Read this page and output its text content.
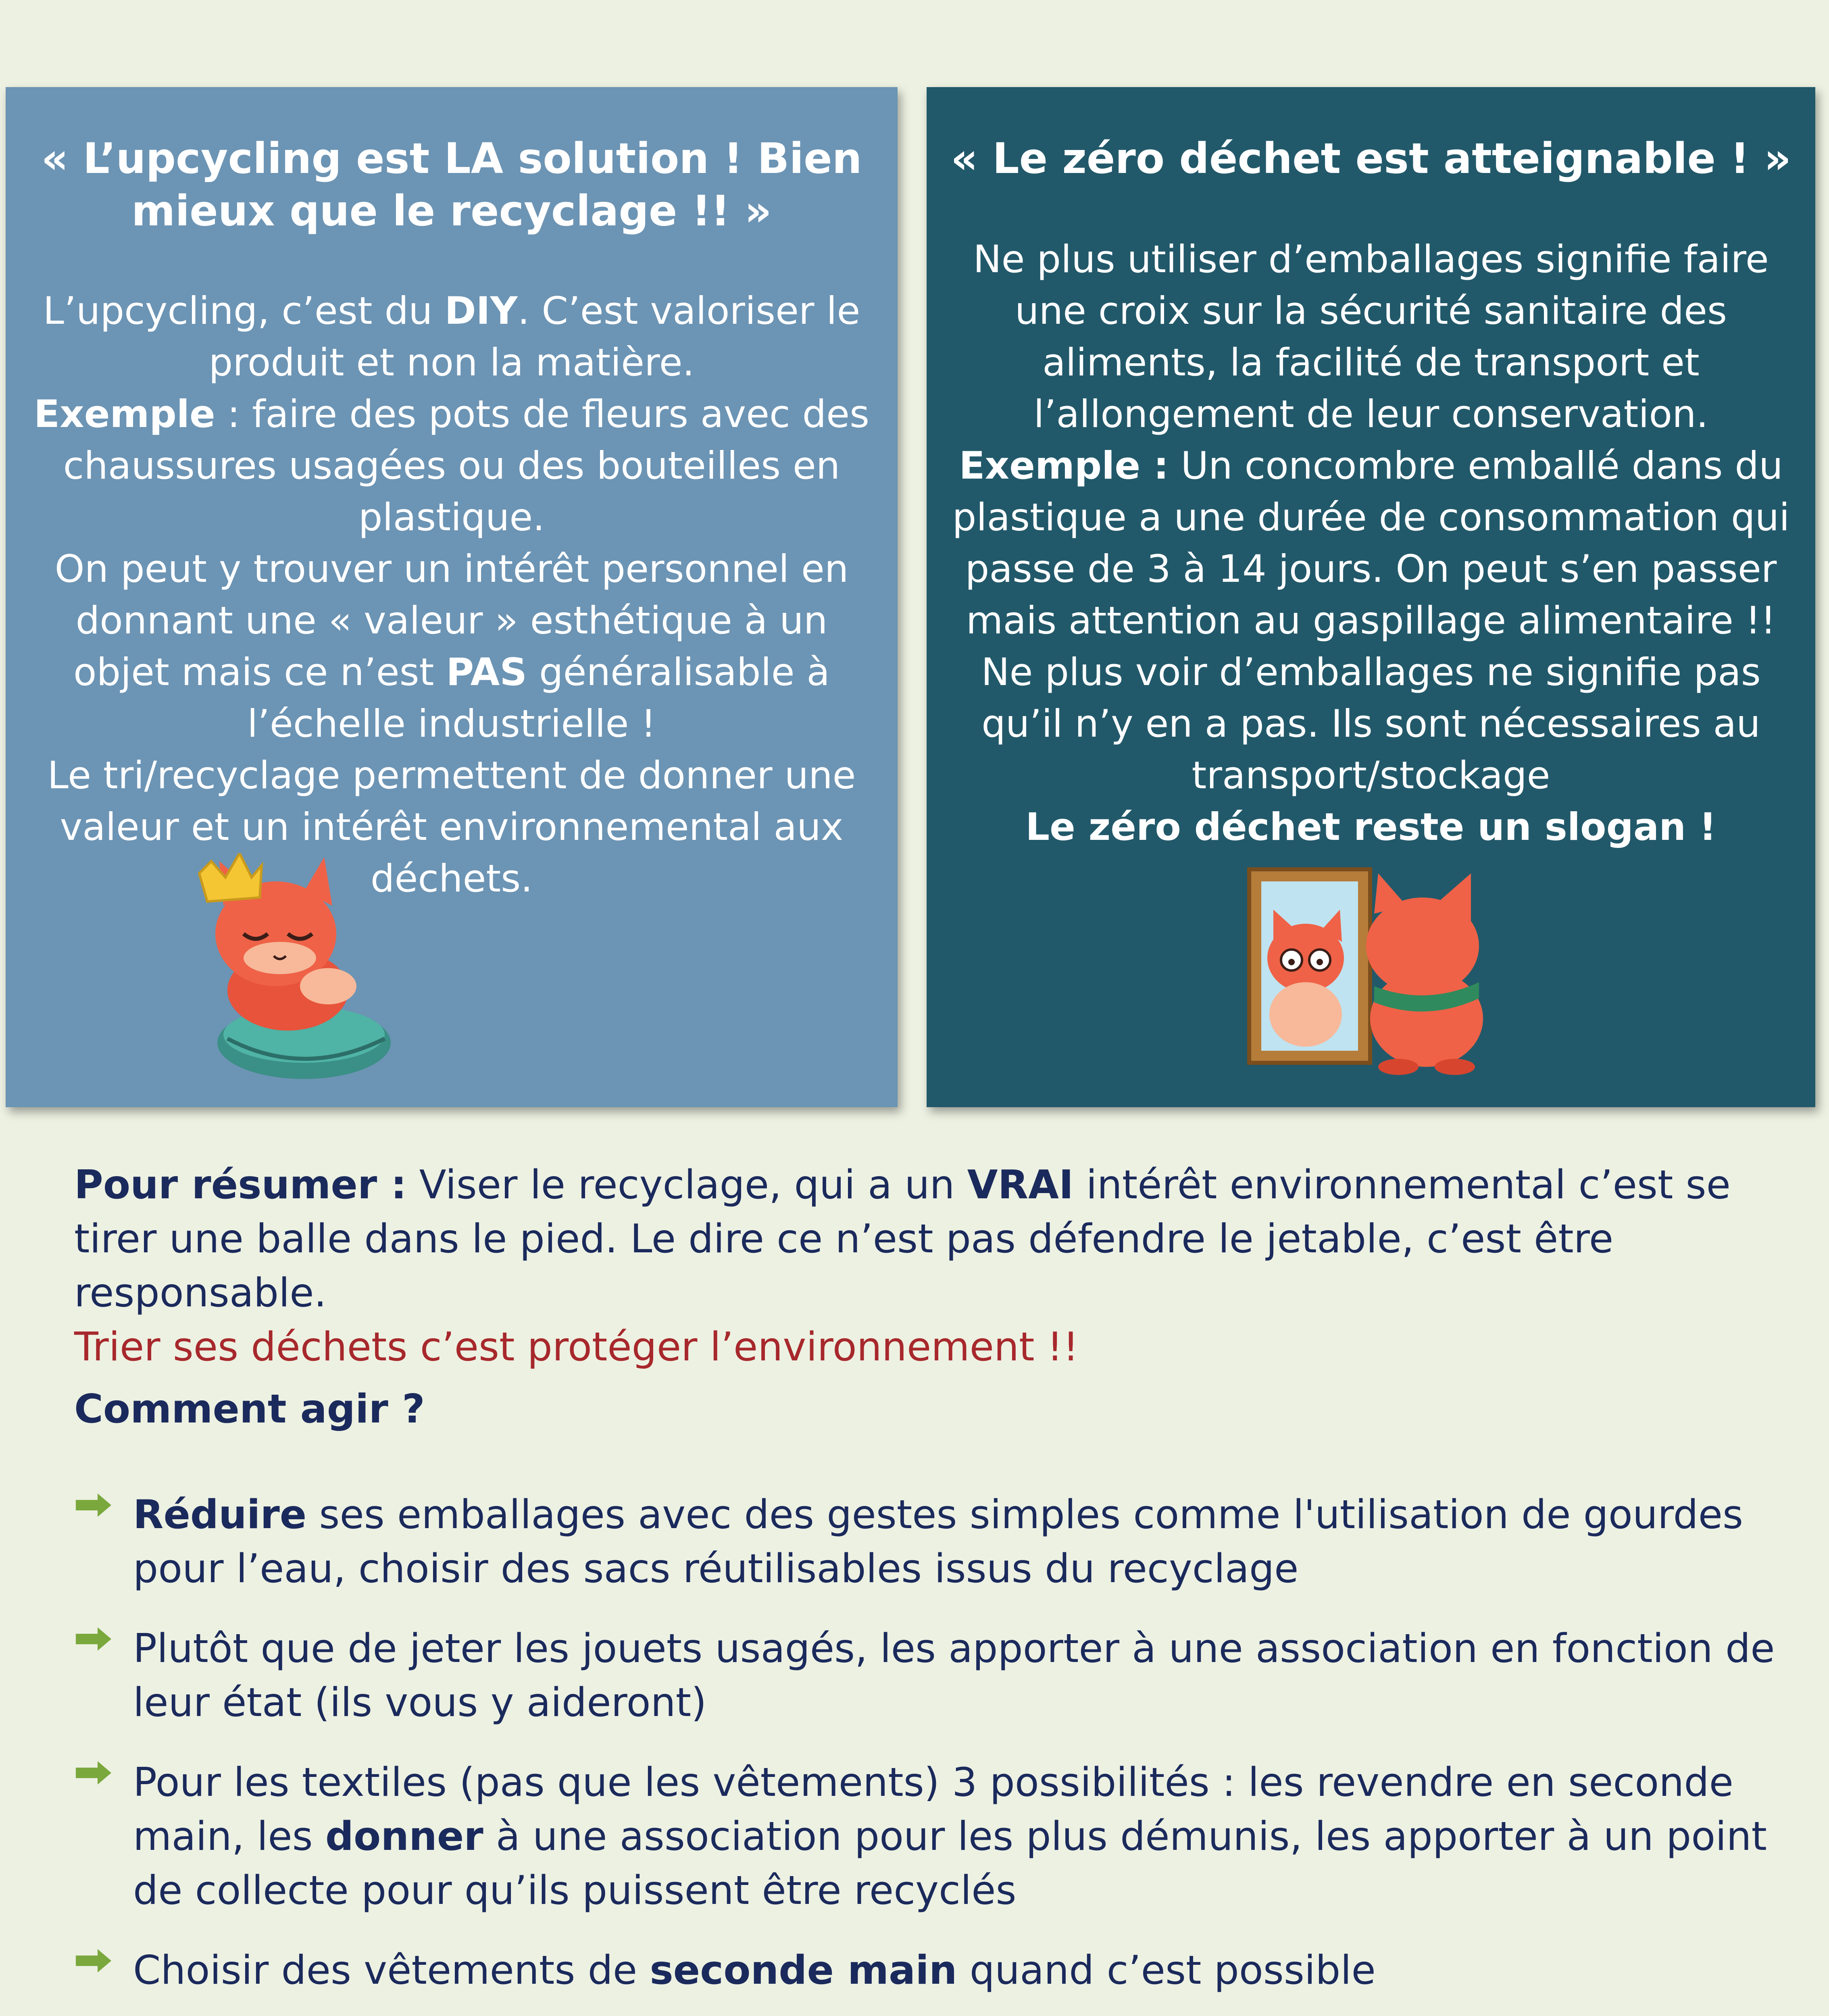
« L’upcycling est LA solution ! Bien mieux que le recyclage !! »

L’upcycling, c’est du DIY. C’est valoriser le produit et non la matière.

Exemple : faire des pots de fleurs avec des chaussures usagées ou des bouteilles en plastique.

On peut y trouver un intérêt personnel en donnant une « valeur » esthétique à un objet mais ce n’est PAS généralisable à l’échelle industrielle !

Le tri/recyclage permettent de donner une valeur et un intérêt environnemental aux déchets.

« Le zéro déchet est atteignable ! »

Ne plus utiliser d’emballages signifie faire une croix sur la sécurité sanitaire des aliments, la facilité de transport et l’allongement de leur conservation.

Exemple : Un concombre emballé dans du plastique a une durée de consommation qui passe de 3 à 14 jours. On peut s’en passer mais attention au gaspillage alimentaire !!

Ne plus voir d’emballages ne signifie pas qu’il n’y en a pas. Ils sont nécessaires au transport/stockage

Le zéro déchet reste un slogan !

Pour résumer : Viser le recyclage, qui a un VRAI intérêt environnemental c’est se tirer une balle dans le pied. Le dire ce n’est pas défendre le jetable, c’est être responsable.
Trier ses déchets c’est protéger l’environnement !!
Comment agir ?
Réduire ses emballages avec des gestes simples comme l'utilisation de gourdes pour l’eau, choisir des sacs réutilisables issus du recyclage
Plutôt que de jeter les jouets usagés, les apporter à une association en fonction de leur état (ils vous y aideront)
Pour les textiles (pas que les vêtements) 3 possibilités : les revendre en seconde main, les donner à une association pour les plus démunis, les apporter à un point de collecte pour qu’ils puissent être recyclés
Choisir des vêtements de seconde main quand c’est possible
